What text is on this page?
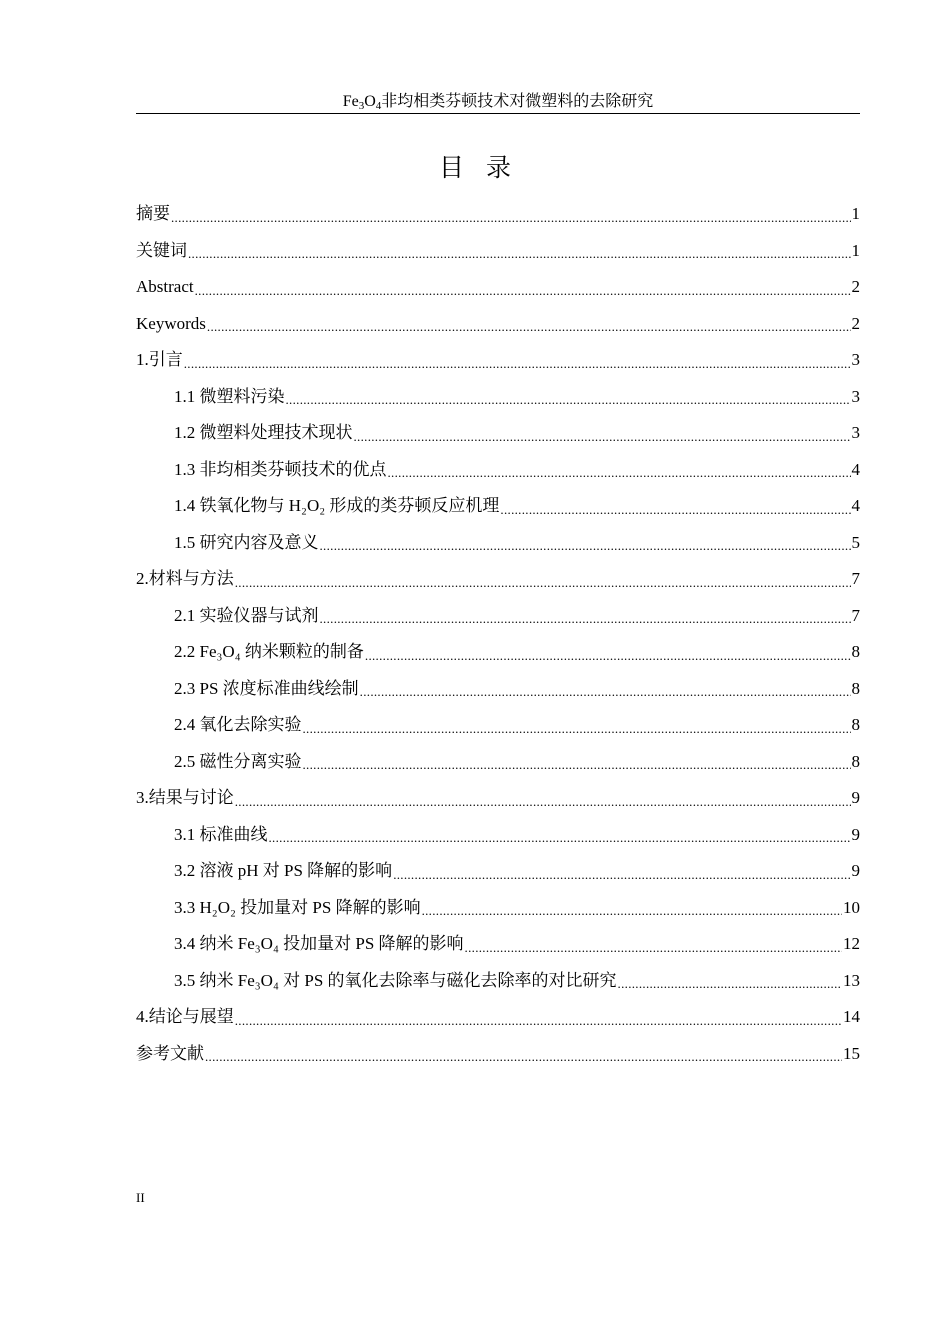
$Fe_3O_4$非均相类芬顿技术对微塑料的去除研究
目录
摘要 .....	1
关键词 .....	1
Abstract .....	2
Keywords .....	2
1.引言 .....	3
1.1 微塑料污染 .....	3
1.2 微塑料处理技术现状 .....	3
1.3 非均相类芬顿技术的优点 .....	4
1.4 铁氧化物与 H₂O₂ 形成的类芬顿反应机理 .....	4
1.5 研究内容及意义 .....	5
2.材料与方法 .....	7
2.1 实验仪器与试剂 .....	7
2.2 Fe₃O₄ 纳米颗粒的制备 .....	8
2.3 PS 浓度标准曲线绘制 .....	8
2.4 氧化去除实验 .....	8
2.5 磁性分离实验 .....	8
3.结果与讨论 .....	9
3.1 标准曲线 .....	9
3.2 溶液 pH 对 PS 降解的影响 .....	9
3.3 H₂O₂ 投加量对 PS 降解的影响 .....	10
3.4 纳米 Fe₃O₄ 投加量对 PS 降解的影响 .....	12
3.5 纳米 Fe₃O₄ 对 PS 的氧化去除率与磁化去除率的对比研究 .....	13
4.结论与展望 .....	14
参考文献 .....	15
II
